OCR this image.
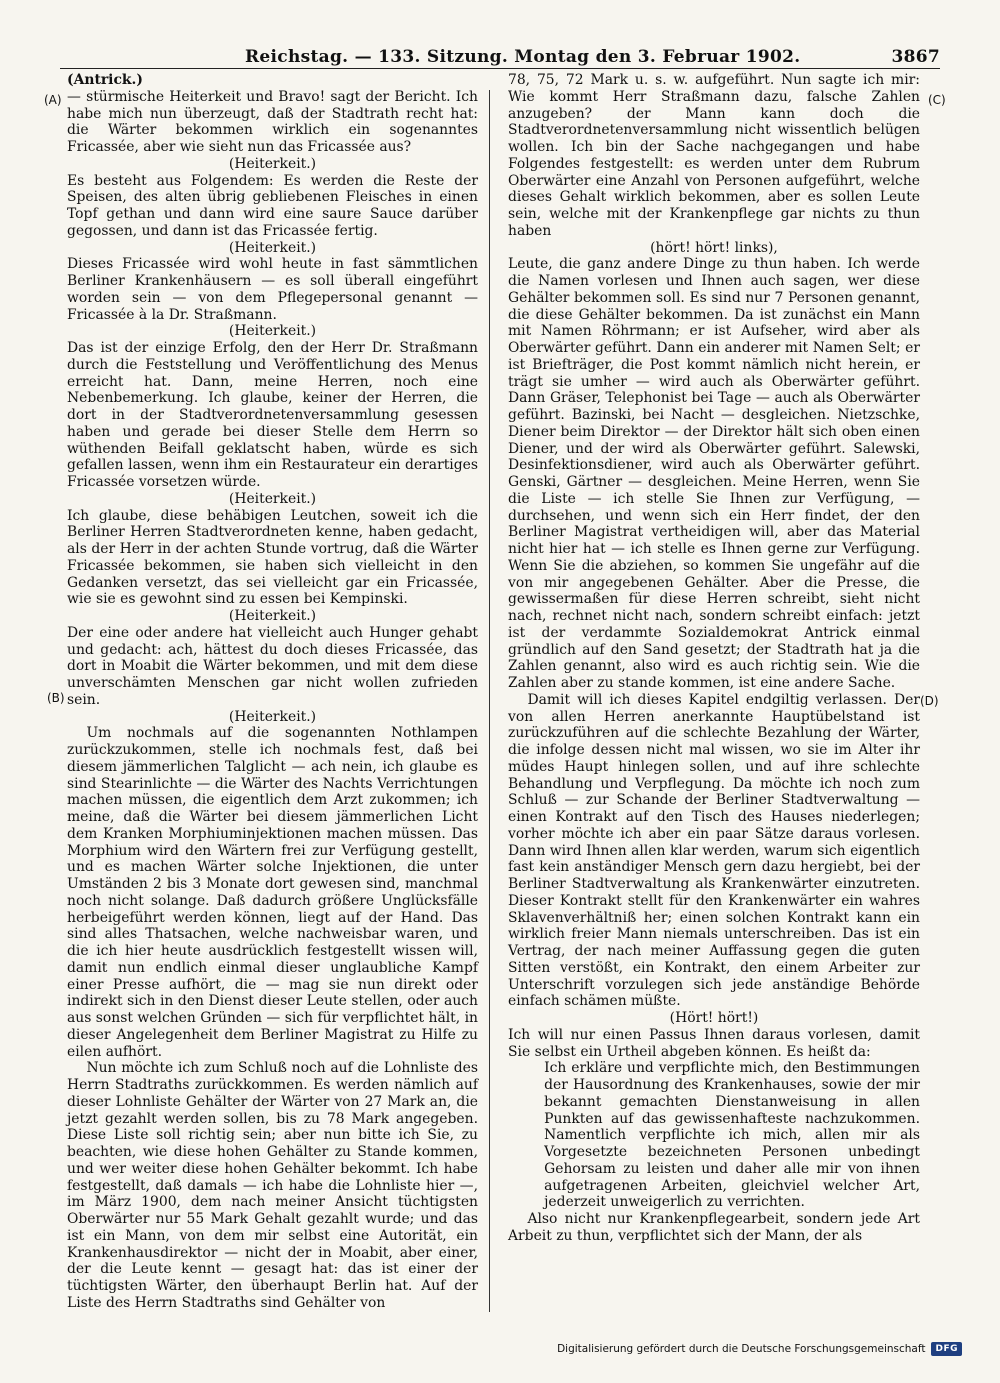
Reichstag. — 133. Sitzung. Montag den 3. Februar 1902.	3867
(A)
(B)
(C)
(D)

(Antrick.)

— stürmische Heiterkeit und Bravo! sagt der Bericht. Ich habe mich nun überzeugt, daß der Stadtrath recht hat: die Wärter bekommen wirklich ein sogenanntes Fricassée, aber wie sieht nun das Fricassée aus?

(Heiterkeit.)

Es besteht aus Folgendem: Es werden die Reste der Speisen, des alten übrig gebliebenen Fleisches in einen Topf gethan und dann wird eine saure Sauce darüber gegossen, und dann ist das Fricassée fertig.

(Heiterkeit.)

Dieses Fricassée wird wohl heute in fast sämmtlichen Berliner Krankenhäusern — es soll überall eingeführt worden sein — von dem Pflegepersonal genannt — Fricassée à la Dr. Straßmann.

(Heiterkeit.)

Das ist der einzige Erfolg, den der Herr Dr. Straßmann durch die Feststellung und Veröffentlichung des Menus erreicht hat. Dann, meine Herren, noch eine Nebenbemerkung. Ich glaube, keiner der Herren, die dort in der Stadtverordnetenversammlung gesessen haben und gerade bei dieser Stelle dem Herrn so wüthenden Beifall geklatscht haben, würde es sich gefallen lassen, wenn ihm ein Restaurateur ein derartiges Fricassée vorsetzen würde.

(Heiterkeit.)

Ich glaube, diese behäbigen Leutchen, soweit ich die Berliner Herren Stadtverordneten kenne, haben gedacht, als der Herr in der achten Stunde vortrug, daß die Wärter Fricassée bekommen, sie haben sich vielleicht in den Gedanken versetzt, das sei vielleicht gar ein Fricassée, wie sie es gewohnt sind zu essen bei Kempinski.

(Heiterkeit.)

Der eine oder andere hat vielleicht auch Hunger gehabt und gedacht: ach, hättest du doch dieses Fricassée, das dort in Moabit die Wärter bekommen, und mit dem diese unverschämten Menschen gar nicht wollen zufrieden sein.

(Heiterkeit.)

Um nochmals auf die sogenannten Nothlampen zurückzukommen, stelle ich nochmals fest, daß bei diesem jämmerlichen Talglicht — ach nein, ich glaube es sind Stearinlichte — die Wärter des Nachts Verrichtungen machen müssen, die eigentlich dem Arzt zukommen; ich meine, daß die Wärter bei diesem jämmerlichen Licht dem Kranken Morphiuminjektionen machen müssen. Das Morphium wird den Wärtern frei zur Verfügung gestellt, und es machen Wärter solche Injektionen, die unter Umständen 2 bis 3 Monate dort gewesen sind, manchmal noch nicht solange. Daß dadurch größere Unglücksfälle herbeigeführt werden können, liegt auf der Hand. Das sind alles Thatsachen, welche nachweisbar waren, und die ich hier heute ausdrücklich festgestellt wissen will, damit nun endlich einmal dieser unglaubliche Kampf einer Presse aufhört, die — mag sie nun direkt oder indirekt sich in den Dienst dieser Leute stellen, oder auch aus sonst welchen Gründen — sich für verpflichtet hält, in dieser Angelegenheit dem Berliner Magistrat zu Hilfe zu eilen aufhört.

Nun möchte ich zum Schluß noch auf die Lohnliste des Herrn Stadtraths zurückkommen. Es werden nämlich auf dieser Lohnliste Gehälter der Wärter von 27 Mark an, die jetzt gezahlt werden sollen, bis zu 78 Mark angegeben. Diese Liste soll richtig sein; aber nun bitte ich Sie, zu beachten, wie diese hohen Gehälter zu Stande kommen, und wer weiter diese hohen Gehälter bekommt. Ich habe festgestellt, daß damals — ich habe die Lohnliste hier —, im März 1900, dem nach meiner Ansicht tüchtigsten Oberwärter nur 55 Mark Gehalt gezahlt wurde; und das ist ein Mann, von dem mir selbst eine Autorität, ein Krankenhausdirektor — nicht der in Moabit, aber einer, der die Leute kennt — gesagt hat: das ist einer der tüchtigsten Wärter, den überhaupt Berlin hat. Auf der Liste des Herrn Stadtraths sind Gehälter von

78, 75, 72 Mark u. s. w. aufgeführt. Nun sagte ich mir: Wie kommt Herr Straßmann dazu, falsche Zahlen anzugeben? der Mann kann doch die Stadtverordnetenversammlung nicht wissentlich belügen wollen. Ich bin der Sache nachgegangen und habe Folgendes festgestellt: es werden unter dem Rubrum Oberwärter eine Anzahl von Personen aufgeführt, welche dieses Gehalt wirklich bekommen, aber es sollen Leute sein, welche mit der Krankenpflege gar nichts zu thun haben

(hört! hört! links),

Leute, die ganz andere Dinge zu thun haben. Ich werde die Namen vorlesen und Ihnen auch sagen, wer diese Gehälter bekommen soll. Es sind nur 7 Personen genannt, die diese Gehälter bekommen. Da ist zunächst ein Mann mit Namen Röhrmann; er ist Aufseher, wird aber als Oberwärter geführt. Dann ein anderer mit Namen Selt; er ist Briefträger, die Post kommt nämlich nicht herein, er trägt sie umher — wird auch als Oberwärter geführt. Dann Gräser, Telephonist bei Tage — auch als Oberwärter geführt. Bazinski, bei Nacht — desgleichen. Nietzschke, Diener beim Direktor — der Direktor hält sich oben einen Diener, und der wird als Oberwärter geführt. Salewski, Desinfektionsdiener, wird auch als Oberwärter geführt. Genski, Gärtner — desgleichen. Meine Herren, wenn Sie die Liste — ich stelle Sie Ihnen zur Verfügung, — durchsehen, und wenn sich ein Herr findet, der den Berliner Magistrat vertheidigen will, aber das Material nicht hier hat — ich stelle es Ihnen gerne zur Verfügung. Wenn Sie die abziehen, so kommen Sie ungefähr auf die von mir angegebenen Gehälter. Aber die Presse, die gewissermaßen für diese Herren schreibt, sieht nicht nach, rechnet nicht nach, sondern schreibt einfach: jetzt ist der verdammte Sozialdemokrat Antrick einmal gründlich auf den Sand gesetzt; der Stadtrath hat ja die Zahlen genannt, also wird es auch richtig sein. Wie die Zahlen aber zu stande kommen, ist eine andere Sache.

Damit will ich dieses Kapitel endgiltig verlassen. Der von allen Herren anerkannte Hauptübelstand ist zurückzuführen auf die schlechte Bezahlung der Wärter, die infolge dessen nicht mal wissen, wo sie im Alter ihr müdes Haupt hinlegen sollen, und auf ihre schlechte Behandlung und Verpflegung. Da möchte ich noch zum Schluß — zur Schande der Berliner Stadtverwaltung — einen Kontrakt auf den Tisch des Hauses niederlegen; vorher möchte ich aber ein paar Sätze daraus vorlesen. Dann wird Ihnen allen klar werden, warum sich eigentlich fast kein anständiger Mensch gern dazu hergiebt, bei der Berliner Stadtverwaltung als Krankenwärter einzutreten. Dieser Kontrakt stellt für den Krankenwärter ein wahres Sklavenverhältniß her; einen solchen Kontrakt kann ein wirklich freier Mann niemals unterschreiben. Das ist ein Vertrag, der nach meiner Auffassung gegen die guten Sitten verstößt, ein Kontrakt, den einem Arbeiter zur Unterschrift vorzulegen sich jede anständige Behörde einfach schämen müßte.

(Hört! hört!)

Ich will nur einen Passus Ihnen daraus vorlesen, damit Sie selbst ein Urtheil abgeben können. Es heißt da:

Ich erkläre und verpflichte mich, den Bestimmungen der Hausordnung des Krankenhauses, sowie der mir bekannt gemachten Dienstanweisung in allen Punkten auf das gewissenhafteste nachzukommen. Namentlich verpflichte ich mich, allen mir als Vorgesetzte bezeichneten Personen unbedingt Gehorsam zu leisten und daher alle mir von ihnen aufgetragenen Arbeiten, gleichviel welcher Art, jederzeit unweigerlich zu verrichten.

Also nicht nur Krankenpflegearbeit, sondern jede Art Arbeit zu thun, verpflichtet sich der Mann, der als

Digitalisierung gefördert durch die Deutsche Forschungsgemeinschaft	DFG
